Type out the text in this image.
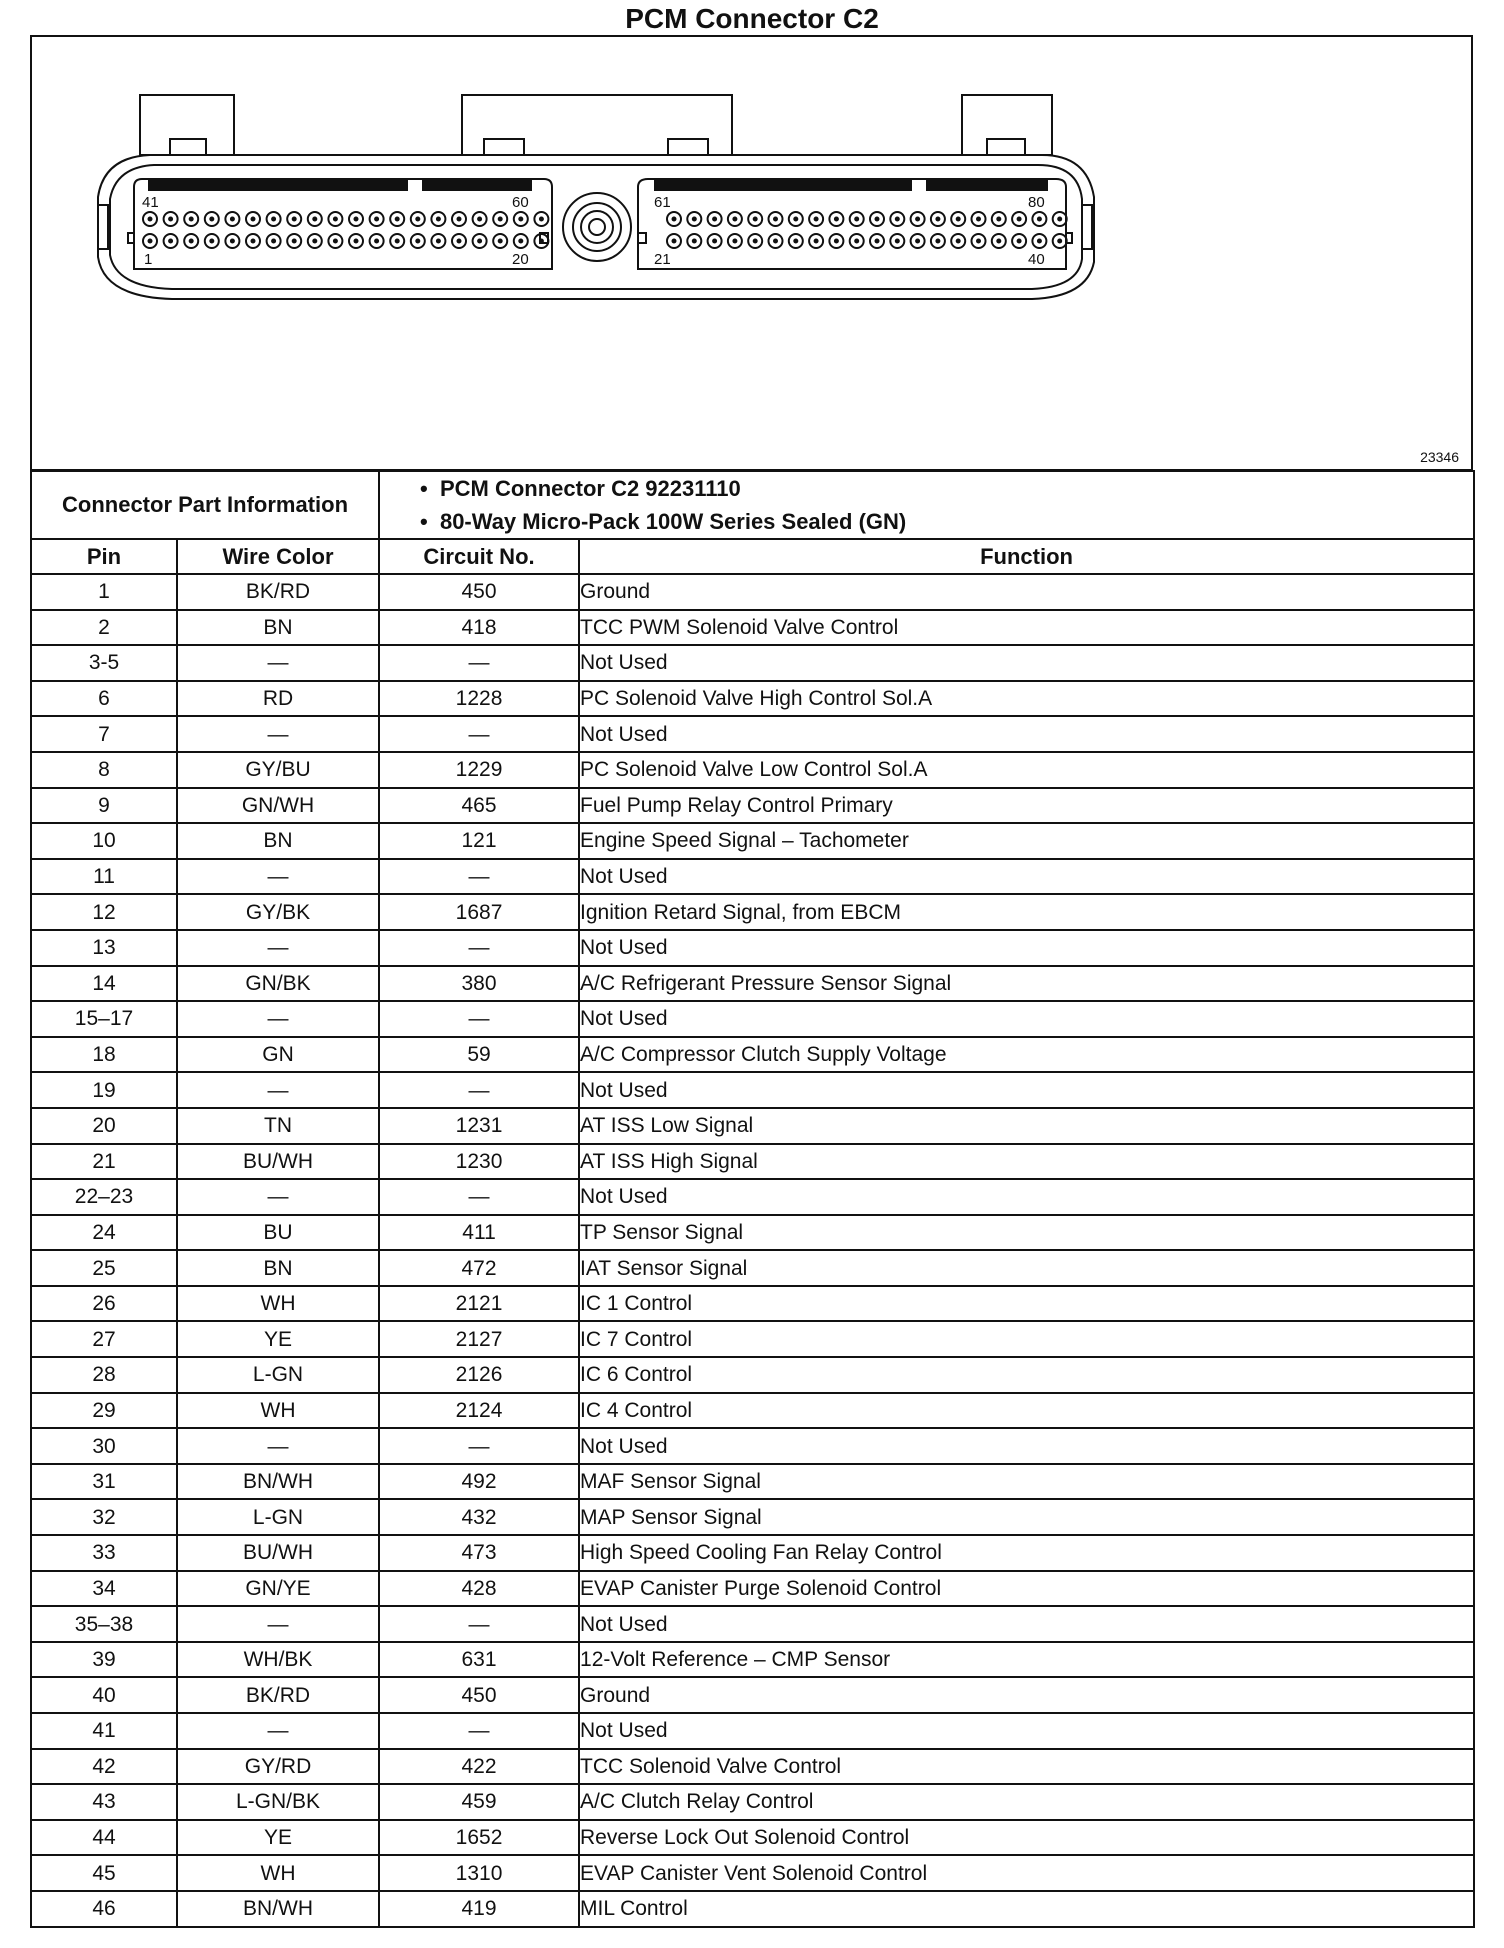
PCM Connector C2
41	60
1	20
61	80
21	40
23346
Connector Part Information		•  PCM Connector C2 92231110
•  80-Way Micro-Pack 100W Series Sealed (GN)

Pin	Wire Color	Circuit No.	Function
1	BK/RD	450	Ground
2	BN	418	TCC PWM Solenoid Valve Control
3-5	—	—	Not Used
6	RD	1228	PC Solenoid Valve High Control Sol.A
7	—	—	Not Used
8	GY/BU	1229	PC Solenoid Valve Low Control Sol.A
9	GN/WH	465	Fuel Pump Relay Control Primary
10	BN	121	Engine Speed Signal – Tachometer
11	—	—	Not Used
12	GY/BK	1687	Ignition Retard Signal, from EBCM
13	—	—	Not Used
14	GN/BK	380	A/C Refrigerant Pressure Sensor Signal
15–17	—	—	Not Used
18	GN	59	A/C Compressor Clutch Supply Voltage
19	—	—	Not Used
20	TN	1231	AT ISS Low Signal
21	BU/WH	1230	AT ISS High Signal
22–23	—	—	Not Used
24	BU	411	TP Sensor Signal
25	BN	472	IAT Sensor Signal
26	WH	2121	IC 1 Control
27	YE	2127	IC 7 Control
28	L-GN	2126	IC 6 Control
29	WH	2124	IC 4 Control
30	—	—	Not Used
31	BN/WH	492	MAF Sensor Signal
32	L-GN	432	MAP Sensor Signal
33	BU/WH	473	High Speed Cooling Fan Relay Control
34	GN/YE	428	EVAP Canister Purge Solenoid Control
35–38	—	—	Not Used
39	WH/BK	631	12-Volt Reference – CMP Sensor
40	BK/RD	450	Ground
41	—	—	Not Used
42	GY/RD	422	TCC Solenoid Valve Control
43	L-GN/BK	459	A/C Clutch Relay Control
44	YE	1652	Reverse Lock Out Solenoid Control
45	WH	1310	EVAP Canister Vent Solenoid Control
46	BN/WH	419	MIL Control
